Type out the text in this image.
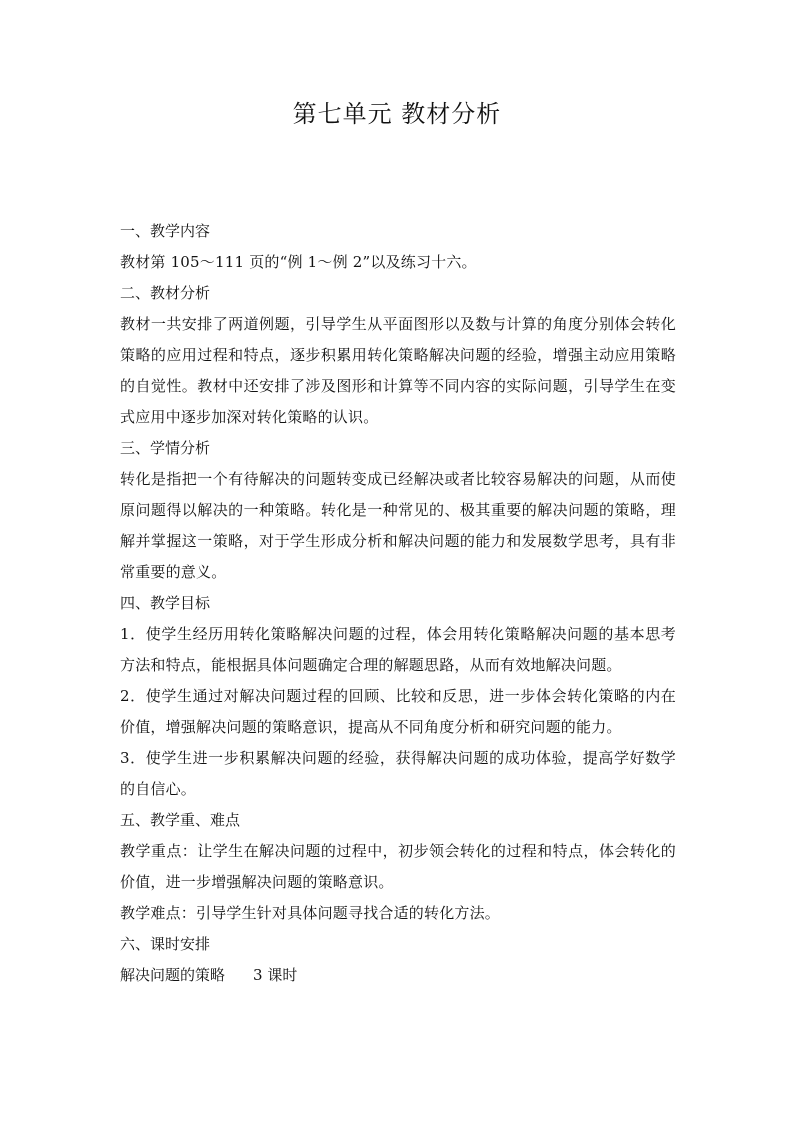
第七单元 教材分析

一、教学内容

教材第 105～111 页的“例 1～例 2”以及练习十六。

二、教材分析

教材一共安排了两道例题，引导学生从平面图形以及数与计算的角度分别体会转化策略的应用过程和特点，逐步积累用转化策略解决问题的经验，增强主动应用策略的自觉性。教材中还安排了涉及图形和计算等不同内容的实际问题，引导学生在变式应用中逐步加深对转化策略的认识。

三、学情分析

转化是指把一个有待解决的问题转变成已经解决或者比较容易解决的问题，从而使原问题得以解决的一种策略。转化是一种常见的、极其重要的解决问题的策略，理解并掌握这一策略，对于学生形成分析和解决问题的能力和发展数学思考，具有非常重要的意义。

四、教学目标

1．使学生经历用转化策略解决问题的过程，体会用转化策略解决问题的基本思考方法和特点，能根据具体问题确定合理的解题思路，从而有效地解决问题。

2．使学生通过对解决问题过程的回顾、比较和反思，进一步体会转化策略的内在价值，增强解决问题的策略意识，提高从不同角度分析和研究问题的能力。

3．使学生进一步积累解决问题的经验，获得解决问题的成功体验，提高学好数学的自信心。

五、教学重、难点

教学重点：让学生在解决问题的过程中，初步领会转化的过程和特点，体会转化的价值，进一步增强解决问题的策略意识。

教学难点：引导学生针对具体问题寻找合适的转化方法。

六、课时安排

解决问题的策略 3 课时
